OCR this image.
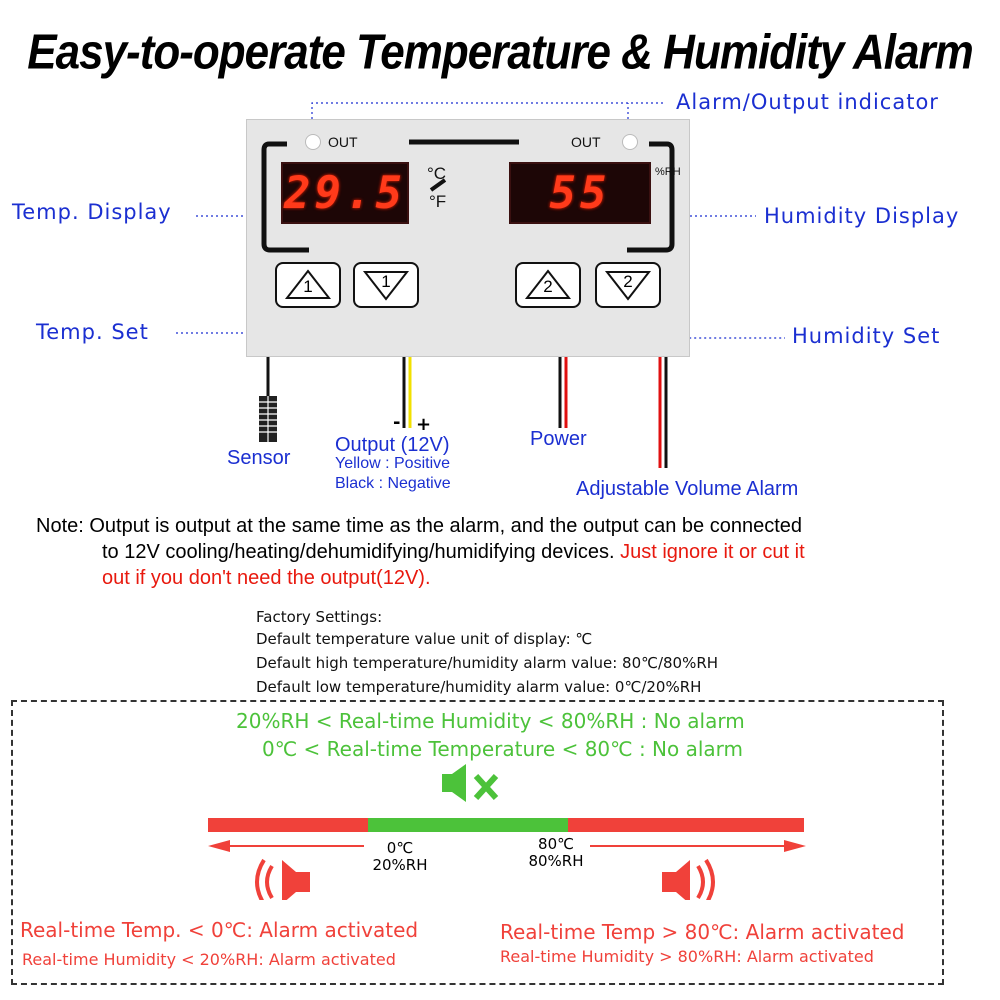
Easy-to-operate Temperature & Humidity Alarm
Alarm/Output indicator
Temp. Display	Humidity Display
Temp. Set	Humidity Set
OUT	OUT
29.5 °C
°F	55	%RH
1	1	2	2
Sensor
- +
Output (12V)
Yellow : Positive
Black : Negative
Power
Adjustable Volume Alarm
Note: Output is output at the same time as the alarm, and the output can be connected
to 12V cooling/heating/dehumidifying/humidifying devices. Just ignore it or cut it
out if you don't need the output(12V).
Factory Settings:
Default temperature value unit of display: ℃
Default high temperature/humidity alarm value: 80℃/80%RH
Default low temperature/humidity alarm value: 0℃/20%RH
20%RH < Real-time Humidity < 80%RH : No alarm
0℃ < Real-time Temperature < 80℃ : No alarm
0℃
20%RH
80℃
80%RH
Real-time Temp. < 0℃: Alarm activated
Real-time Humidity < 20%RH: Alarm activated
Real-time Temp > 80℃: Alarm activated
Real-time Humidity > 80%RH: Alarm activated
